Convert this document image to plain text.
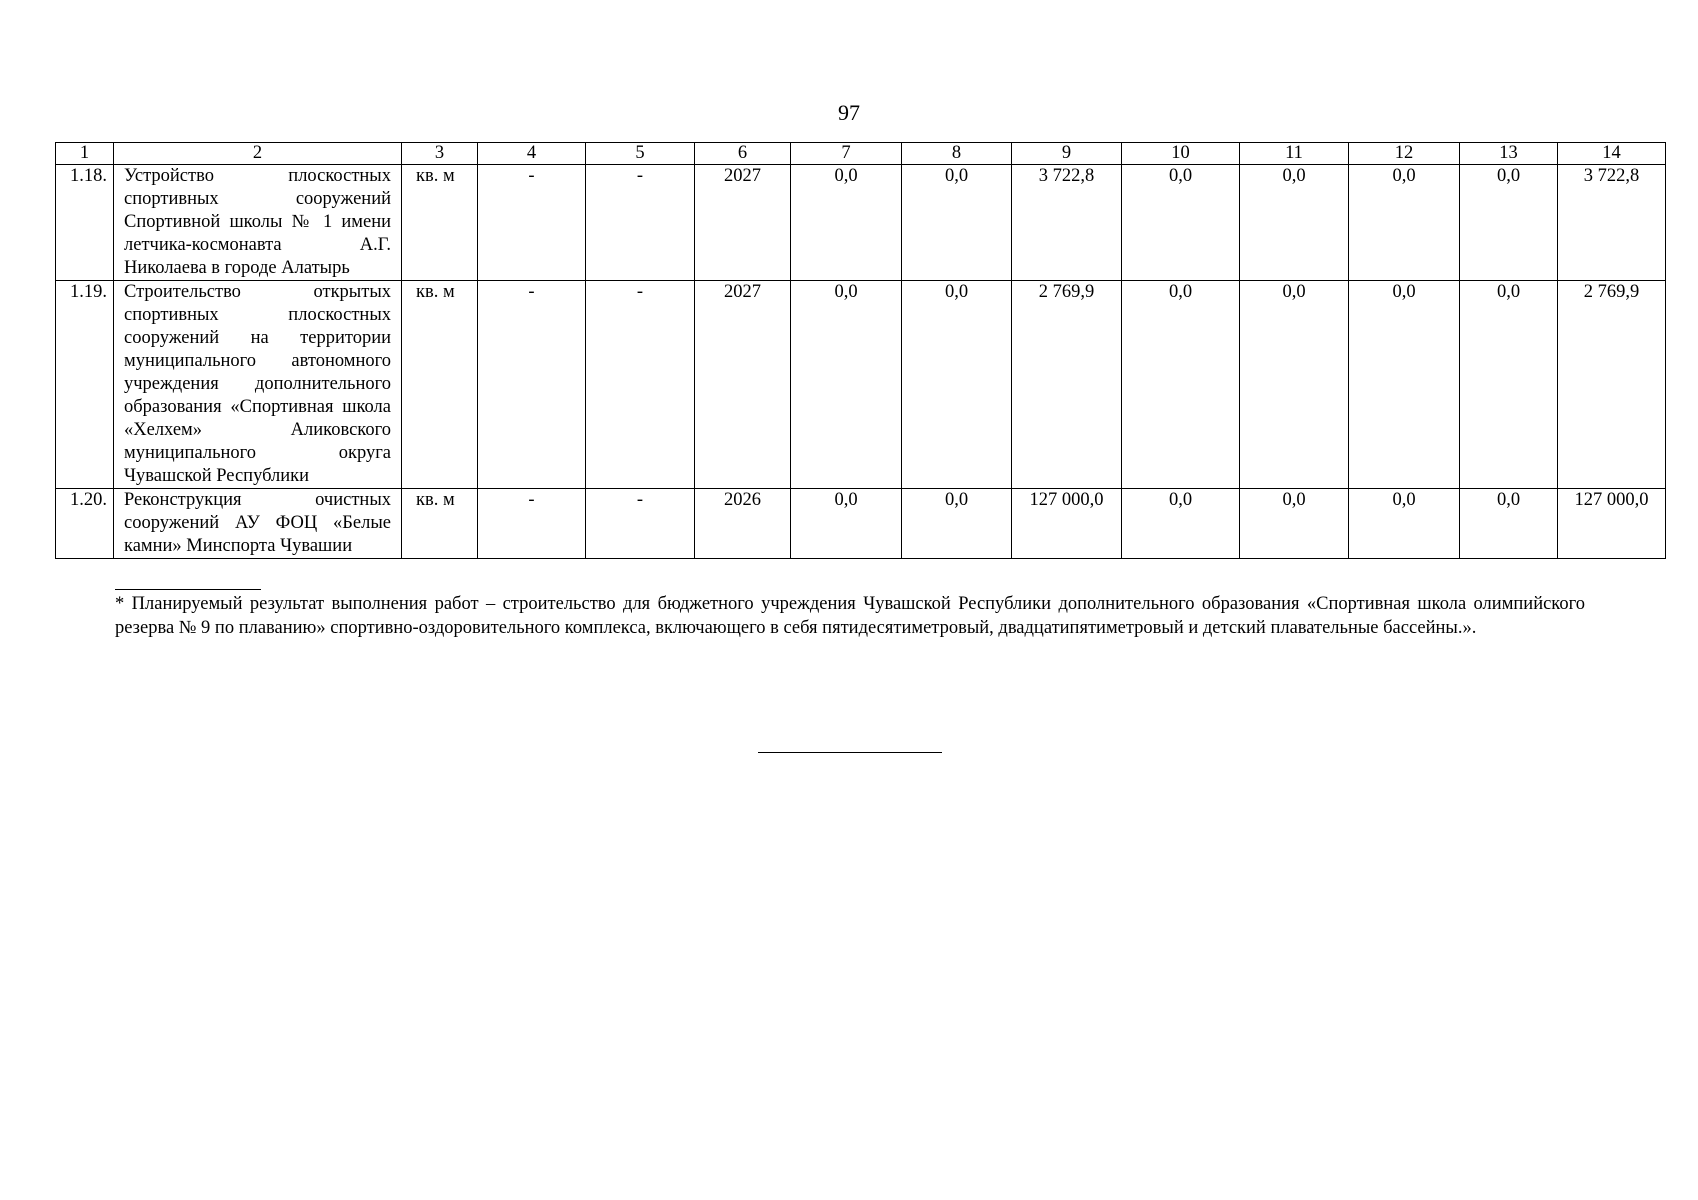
97
1	2	3	4	5	6	7	8	9	10	11	12	13	14
1.18.	Устройство плоскостных спортивных сооружений Спортивной школы № 1 имени летчика-космонавта А.Г. Николаева в городе Алатырь	кв. м	-	-	2027	0,0	0,0	3 722,8	0,0	0,0	0,0	0,0	3 722,8
1.19.	Строительство открытых спортивных плоскостных сооружений на территории муниципального автономного учреждения дополнительного образования «Спортивная школа «Хелхем» Аликовского муниципального округа Чувашской Республики	кв. м	-	-	2027	0,0	0,0	2 769,9	0,0	0,0	0,0	0,0	2 769,9
1.20.	Реконструкция очистных сооружений АУ ФОЦ «Белые камни» Минспорта Чувашии	кв. м	-	-	2026	0,0	0,0	127 000,0	0,0	0,0	0,0	0,0	127 000,0
* Планируемый результат выполнения работ – строительство для бюджетного учреждения Чувашской Республики дополнительного образования «Спортивная школа олимпийского резерва № 9 по плаванию» спортивно-оздоровительного комплекса, включающего в себя пятидесятиметровый, двадцатипятиметровый и детский плавательные бассейны.».
